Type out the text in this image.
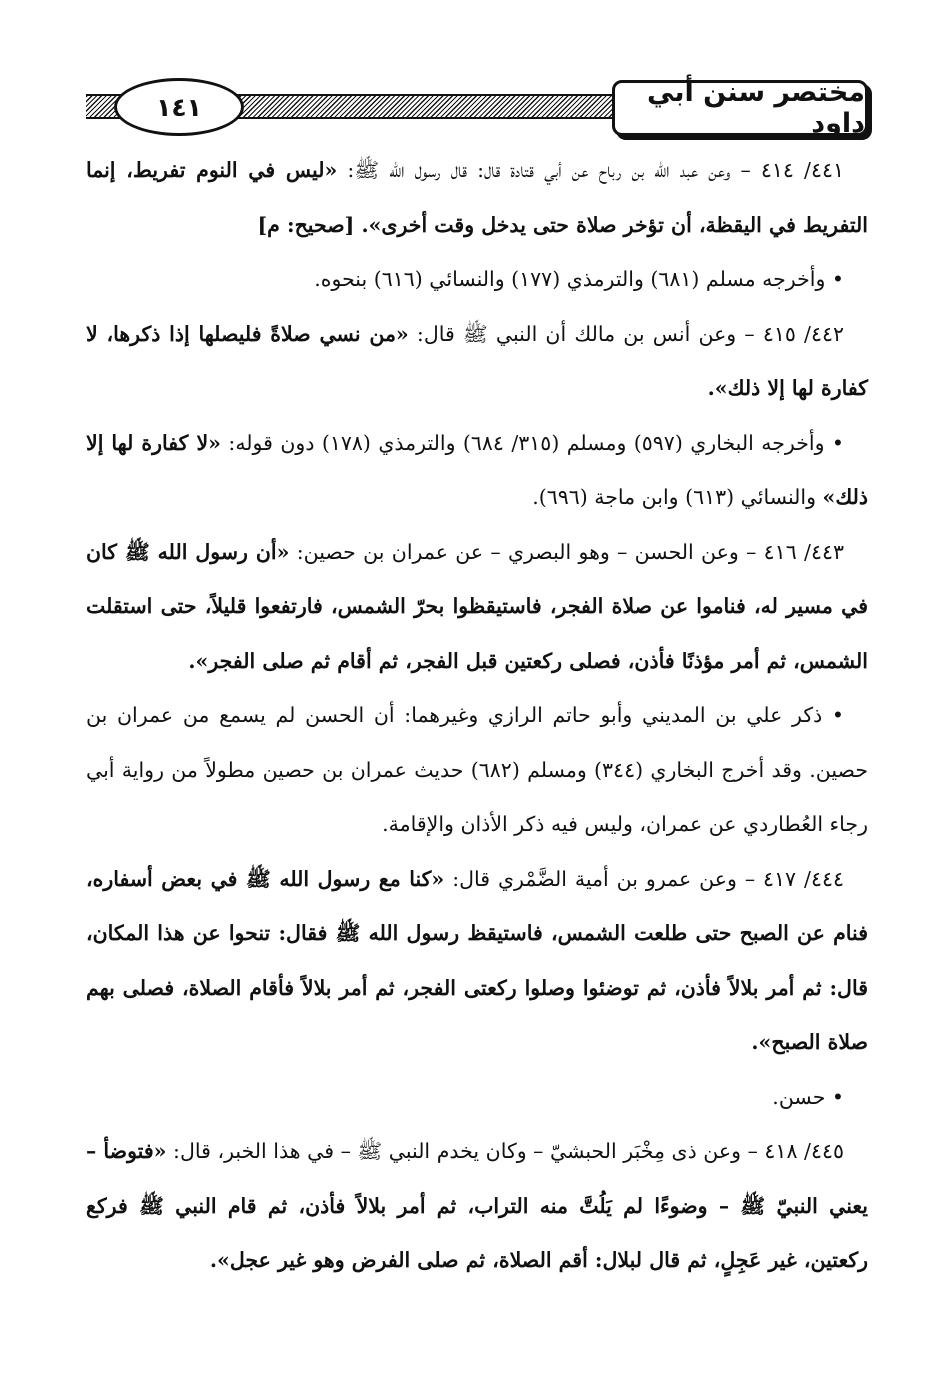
١٤١	مختصر سنن أبي داود

٤٤١/ ٤١٤ – وعن عبد الله بن رباح عن أبي قتادة قال: قال رسول الله ﷺ: «ليس في النوم تفريط، إنما التفريط في اليقظة، أن تؤخر صلاة حتى يدخل وقت أخرى». [صحيح: م]

• وأخرجه مسلم (٦٨١) والترمذي (١٧٧) والنسائي (٦١٦) بنحوه.

٤٤٢/ ٤١٥ – وعن أنس بن مالك أن النبي ﷺ قال: «من نسي صلاةً فليصلها إذا ذكرها، لا كفارة لها إلا ذلك».

• وأخرجه البخاري (٥٩٧) ومسلم (٣١٥/ ٦٨٤) والترمذي (١٧٨) دون قوله: «لا كفارة لها إلا ذلك» والنسائي (٦١٣) وابن ماجة (٦٩٦).

٤٤٣/ ٤١٦ – وعن الحسن – وهو البصري – عن عمران بن حصين: «أن رسول الله ﷺ كان في مسير له، فناموا عن صلاة الفجر، فاستيقظوا بحرّ الشمس، فارتفعوا قليلاً، حتى استقلت الشمس، ثم أمر مؤذنًا فأذن، فصلى ركعتين قبل الفجر، ثم أقام ثم صلى الفجر».

• ذكر علي بن المديني وأبو حاتم الرازي وغيرهما: أن الحسن لم يسمع من عمران بن حصين. وقد أخرج البخاري (٣٤٤) ومسلم (٦٨٢) حديث عمران بن حصين مطولاً من رواية أبي رجاء العُطاردي عن عمران، وليس فيه ذكر الأذان والإقامة.

٤٤٤/ ٤١٧ – وعن عمرو بن أمية الضَّمْري قال: «كنا مع رسول الله ﷺ في بعض أسفاره، فنام عن الصبح حتى طلعت الشمس، فاستيقظ رسول الله ﷺ فقال: تنحوا عن هذا المكان، قال: ثم أمر بلالاً فأذن، ثم توضئوا وصلوا ركعتى الفجر، ثم أمر بلالاً فأقام الصلاة، فصلى بهم صلاة الصبح».

• حسن.

٤٤٥/ ٤١٨ – وعن ذى مِخْبَر الحبشيّ – وكان يخدم النبي ﷺ – في هذا الخبر، قال: «فتوضأ – يعني النبيّ ﷺ – وضوءًا لم يَلُتَّ منه التراب، ثم أمر بلالاً فأذن، ثم قام النبي ﷺ فركع ركعتين، غير عَجِلٍ، ثم قال لبلال: أقم الصلاة، ثم صلى الفرض وهو غير عجل».
